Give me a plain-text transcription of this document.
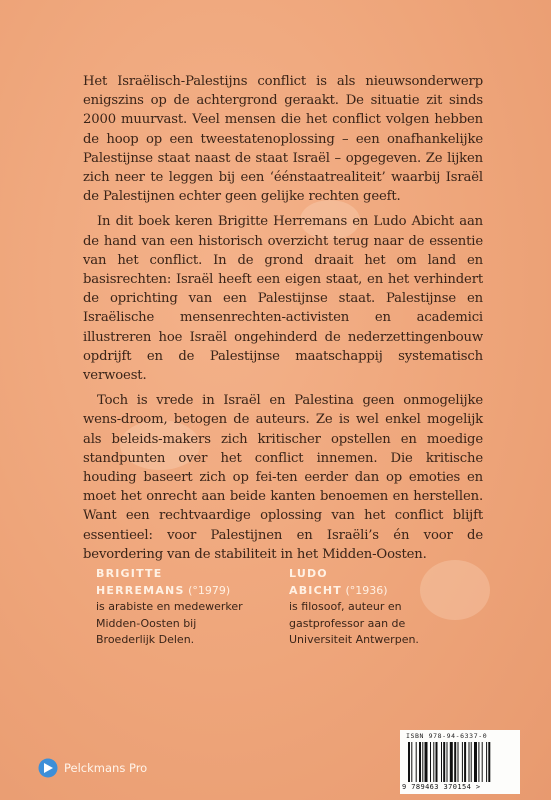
Het Israëlisch-Palestijns conflict is als nieuwsonderwerp enigszins op de achtergrond geraakt. De situatie zit sinds 2000 muurvast. Veel mensen die het conflict volgen hebben de hoop op een tweestatenoplossing – een onafhankelijke Palestijnse staat naast de staat Israël – opgegeven. Ze lijken zich neer te leggen bij een ‘éénstaatrealiteit’ waarbij Israël de Palestijnen echter geen gelijke rechten geeft.

In dit boek keren Brigitte Herremans en Ludo Abicht aan de hand van een historisch overzicht terug naar de essentie van het conflict. In de grond draait het om land en basisrechten: Israël heeft een eigen staat, en het verhindert de oprichting van een Palestijnse staat. Palestijnse en Israëlische mensenrechten-activisten en academici illustreren hoe Israël ongehinderd de nederzettingenbouw opdrijft en de Palestijnse maatschappij systematisch verwoest.

Toch is vrede in Israël en Palestina geen onmogelijke wens-droom, betogen de auteurs. Ze is wel enkel mogelijk als beleids-makers zich kritischer opstellen en moedige standpunten over het conflict innemen. Die kritische houding baseert zich op fei-ten eerder dan op emoties en moet het onrecht aan beide kanten benoemen en herstellen. Want een rechtvaardige oplossing van het conflict blijft essentieel: voor Palestijnen en Israëli’s én voor de bevordering van de stabiliteit in het Midden-Oosten.

BRIGITTE
HERREMANS (°1979)
is arabiste en medewerker
Midden-Oosten bij
Broederlijk Delen.
LUDO
ABICHT (°1936)
is filosoof, auteur en
gastprofessor aan de
Universiteit Antwerpen.
Pelckmans Pro
ISBN 978-94-6337-0
9 789463 370154 >
